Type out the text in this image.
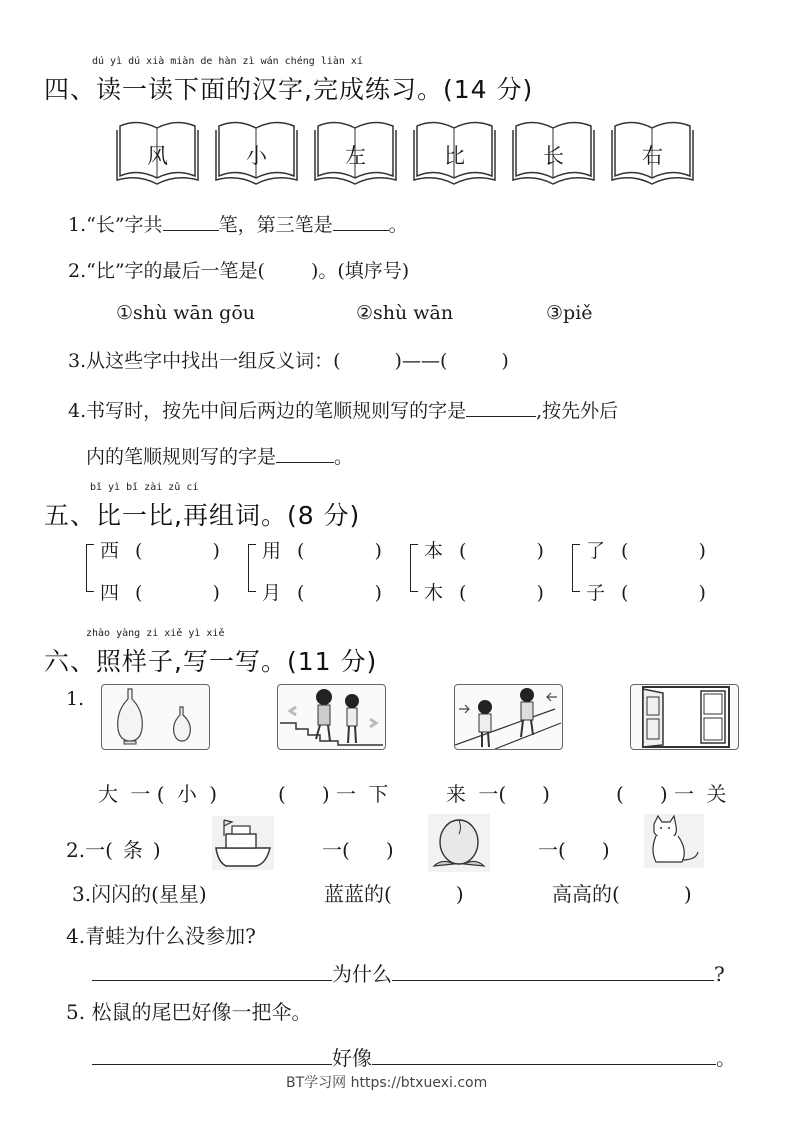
dú yì dú xià miàn de hàn zì wán chéng liàn xí
四、读一读下面的汉字,完成练习。(14 分)
风	小	左	比	长	右
1.“长”字共	笔，第三笔是	。
2.“比”字的最后一笔是( )。(填序号)
①shù wān gōu	②shù wān	③piě
3.从这些字中找出一组反义词：(	)——(	)
4.书写时，按先中间后两边的笔顺规则写的字是	,按先外后
内的笔顺规则写的字是	。
bǐ yì bǐ zài zǔ cí
五、比一比,再组词。(8 分)
西 (	)
四 (	)
用 (	)
月 (	)
本 (	)
木 (	)
了 (	)
子 (	)
zhào yàng zi xiě yì xiě
六、照样子,写一写。(11 分)
1.
大 一 ( 小 )	( ) 一 下	来 一( )	( ) 一 关
2.一( 条 )	一( )	一( )
3.闪闪的(星星)	蓝蓝的(	)	高高的(	)
4.青蛙为什么没参加?
为什么	?
5. 松鼠的尾巴好像一把伞。
好像	。
BT学习网 https://btxuexi.com
